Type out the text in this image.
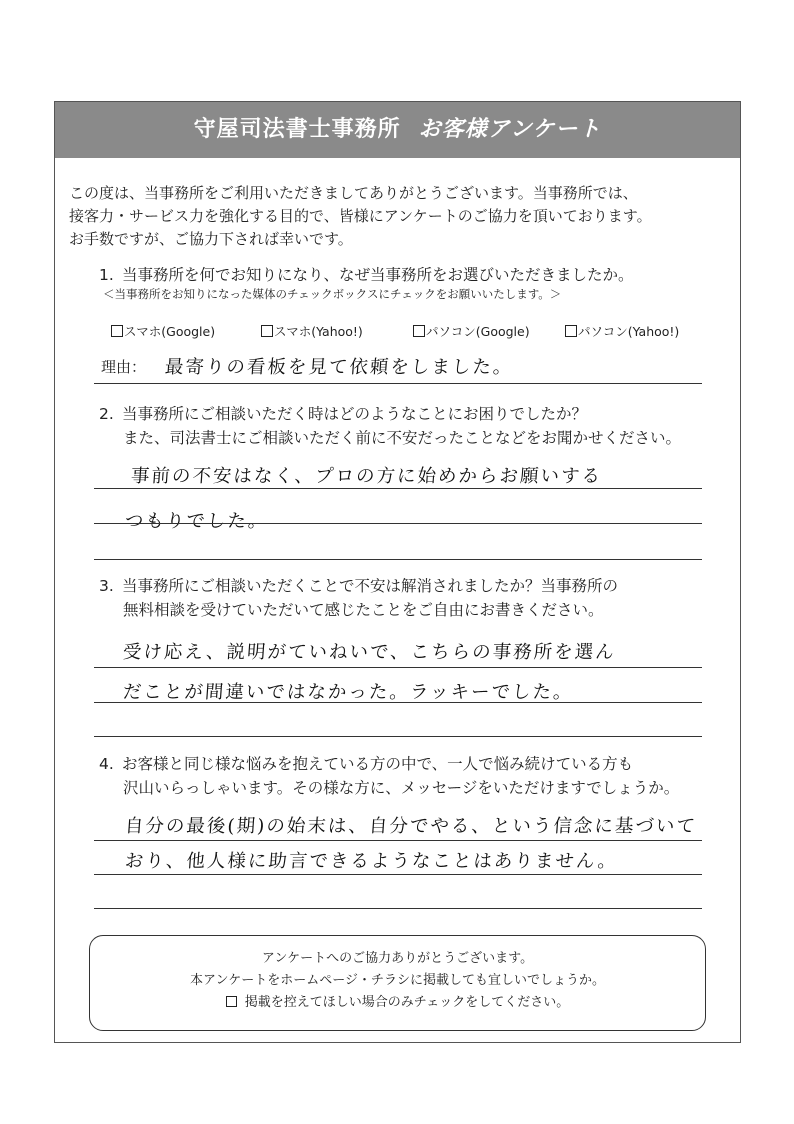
守屋司法書士事務所 お客様アンケート
この度は、当事務所をご利用いただきましてありがとうございます。当事務所では、
接客力・サービス力を強化する目的で、皆様にアンケートのご協力を頂いております。
お手数ですが、ご協力下されば幸いです。
1. 当事務所を何でお知りになり、なぜ当事務所をお選びいただきましたか。
＜当事務所をお知りになった媒体のチェックボックスにチェックをお願いいたします。＞
スマホ(Google)	スマホ(Yahoo!)	パソコン(Google)	パソコン(Yahoo!)
理由： 最寄りの看板を見て依頼をしました。
2. 当事務所にご相談いただく時はどのようなことにお困りでしたか？
また、司法書士にご相談いただく前に不安だったことなどをお聞かせください。
事前の不安はなく、プロの方に始めからお願いする
つもりでした。
3. 当事務所にご相談いただくことで不安は解消されましたか？当事務所の
無料相談を受けていただいて感じたことをご自由にお書きください。
受け応え、説明がていねいで、こちらの事務所を選ん
だことが間違いではなかった。ラッキーでした。
4. お客様と同じ様な悩みを抱えている方の中で、一人で悩み続けている方も
沢山いらっしゃいます。その様な方に、メッセージをいただけますでしょうか。
自分の最後(期)の始末は、自分でやる、という信念に基づいて
おり、他人様に助言できるようなことはありません。
アンケートへのご協力ありがとうございます。
本アンケートをホームページ・チラシに掲載しても宜しいでしょうか。
掲載を控えてほしい場合のみチェックをしてください。
